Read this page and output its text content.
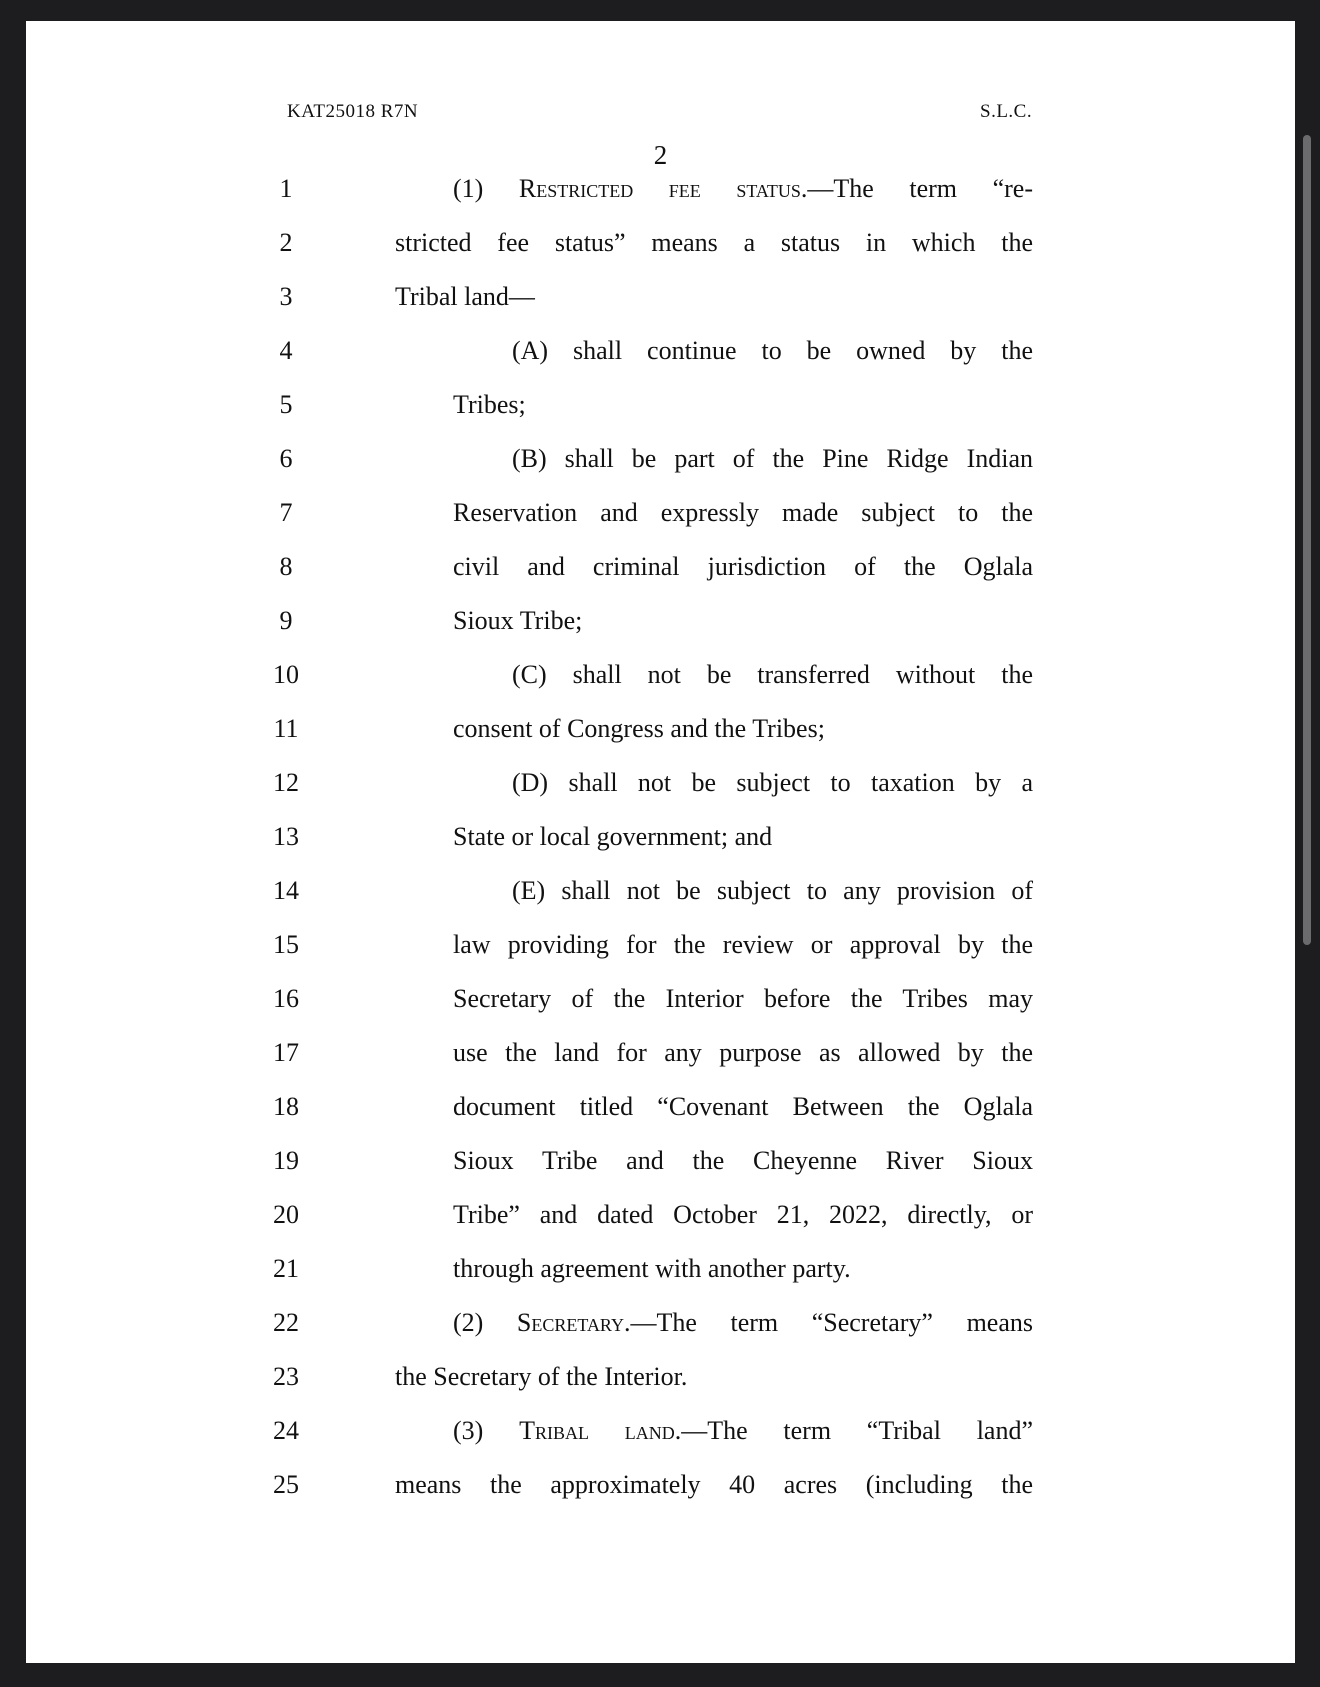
KAT25018 R7N	S.L.C.
2
1	(1) Restricted fee status.—The term “re-
2	stricted fee status” means a status in which the
3	Tribal land—
4	(A) shall continue to be owned by the
5	Tribes;
6	(B) shall be part of the Pine Ridge Indian
7	Reservation and expressly made subject to the
8	civil and criminal jurisdiction of the Oglala
9	Sioux Tribe;
10	(C) shall not be transferred without the
11	consent of Congress and the Tribes;
12	(D) shall not be subject to taxation by a
13	State or local government; and
14	(E) shall not be subject to any provision of
15	law providing for the review or approval by the
16	Secretary of the Interior before the Tribes may
17	use the land for any purpose as allowed by the
18	document titled “Covenant Between the Oglala
19	Sioux Tribe and the Cheyenne River Sioux
20	Tribe” and dated October 21, 2022, directly, or
21	through agreement with another party.
22	(2) Secretary.—The term “Secretary” means
23	the Secretary of the Interior.
24	(3) Tribal land.—The term “Tribal land”
25	means the approximately 40 acres (including the
